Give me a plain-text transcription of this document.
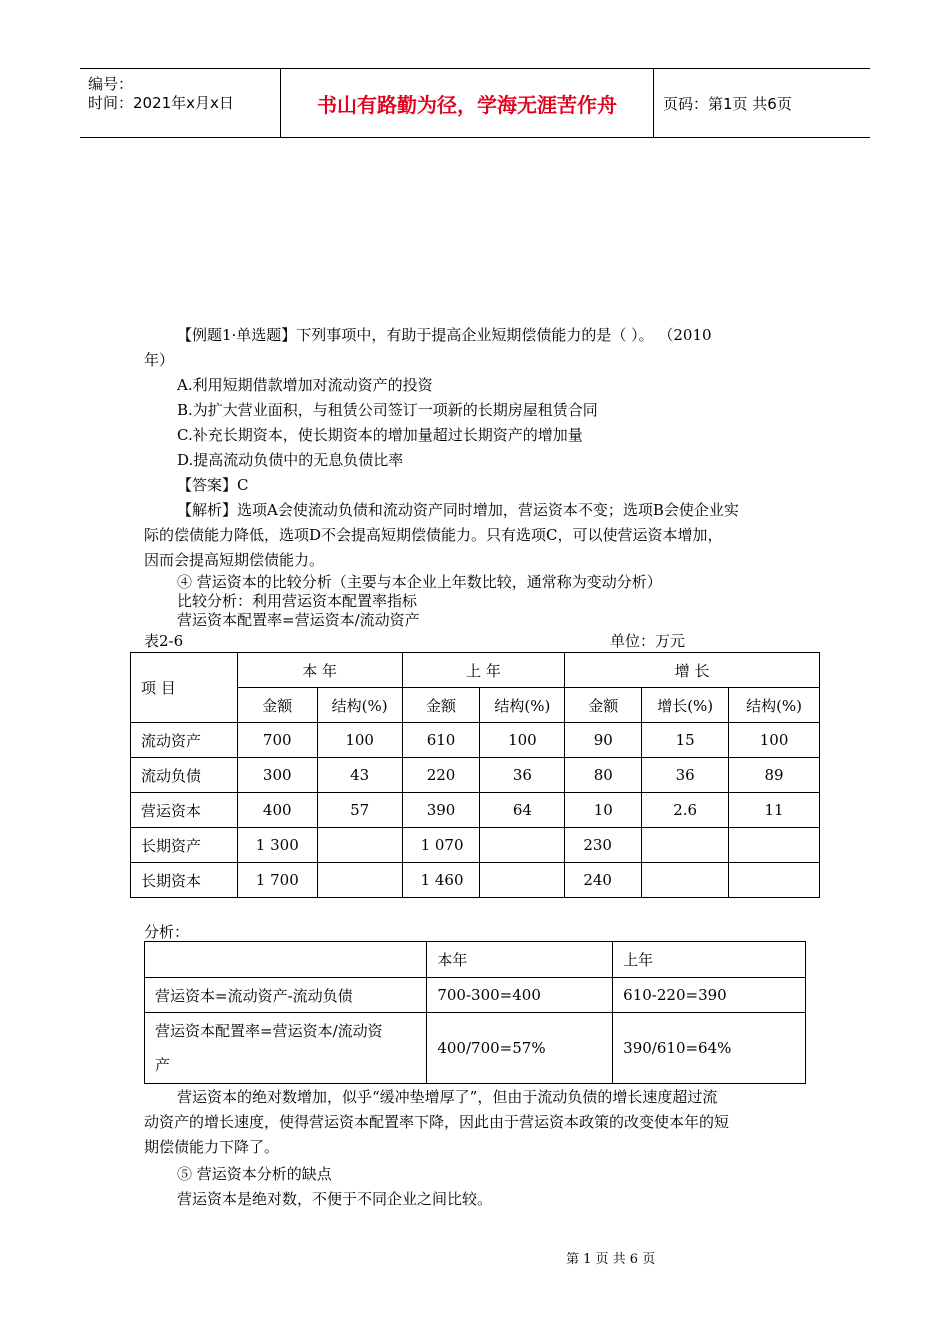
编号：
时间：2021年x月x日	书山有路勤为径，学海无涯苦作舟	页码：第1页 共6页
【例题1·单选题】下列事项中，有助于提高企业短期偿债能力的是（ ）。 （2010
年）
A.利用短期借款增加对流动资产的投资
B.为扩大营业面积，与租赁公司签订一项新的长期房屋租赁合同
C.补充长期资本，使长期资本的增加量超过长期资产的增加量
D.提高流动负债中的无息负债比率
【答案】C
【解析】选项A会使流动负债和流动资产同时增加，营运资本不变；选项B会使企业实
际的偿债能力降低，选项D不会提高短期偿债能力。只有选项C，可以使营运资本增加，
因而会提高短期偿债能力。
④ 营运资本的比较分析（主要与本企业上年数比较，通常称为变动分析）
比较分析：利用营运资本配置率指标
营运资本配置率=营运资本/流动资产
表2-6	单位：万元
项 目	本 年		上 年		增 长		
	金额	结构(%)	金额	结构(%)	金额	增长(%)	结构(%)
流动资产	700	100	610	100	90	15	100
流动负债	300	43	220	36	80	36	89
营运资本	400	57	390	64	10	2.6	11
长期资产	1 300		1 070		230		
长期资本	1 700		1 460		240		
分析：
	本年	上年
营运资本=流动资产-流动负债	700-300=400	610-220=390
营运资本配置率=营运资本/流动资
产	400/700=57%	390/610=64%
营运资本的绝对数增加，似乎“缓冲垫增厚了”，但由于流动负债的增长速度超过流
动资产的增长速度，使得营运资本配置率下降，因此由于营运资本政策的改变使本年的短
期偿债能力下降了。
⑤ 营运资本分析的缺点
营运资本是绝对数，不便于不同企业之间比较。
第 1 页 共 6 页
